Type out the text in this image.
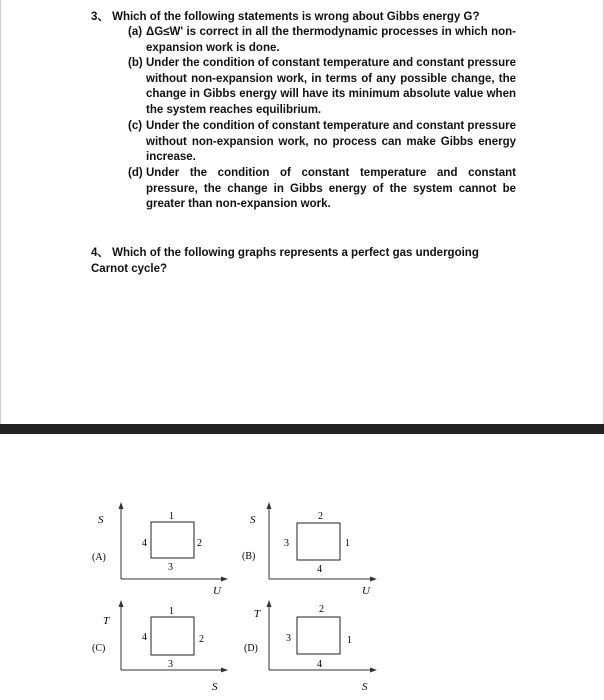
3、 Which of the following statements is wrong about Gibbs energy G?
(a) ΔG≤W' is correct in all the thermodynamic processes in which non-expansion work is done.
(b) Under the condition of constant temperature and constant pressure without non-expansion work, in terms of any possible change, the change in Gibbs energy will have its minimum absolute value when the system reaches equilibrium.
(c) Under the condition of constant temperature and constant pressure without non-expansion work, no process can make Gibbs energy increase.
(d) Under the condition of constant temperature and constant pressure, the change in Gibbs energy of the system cannot be greater than non-expansion work.
4、 Which of the following graphs represents a perfect gas undergoing Carnot cycle?
S
U
(A)
1
2
3
4
S
U
(B)
2
1
4
3
T
S
(C)
1
2
3
4
T
S
(D)
2
1
4
3
